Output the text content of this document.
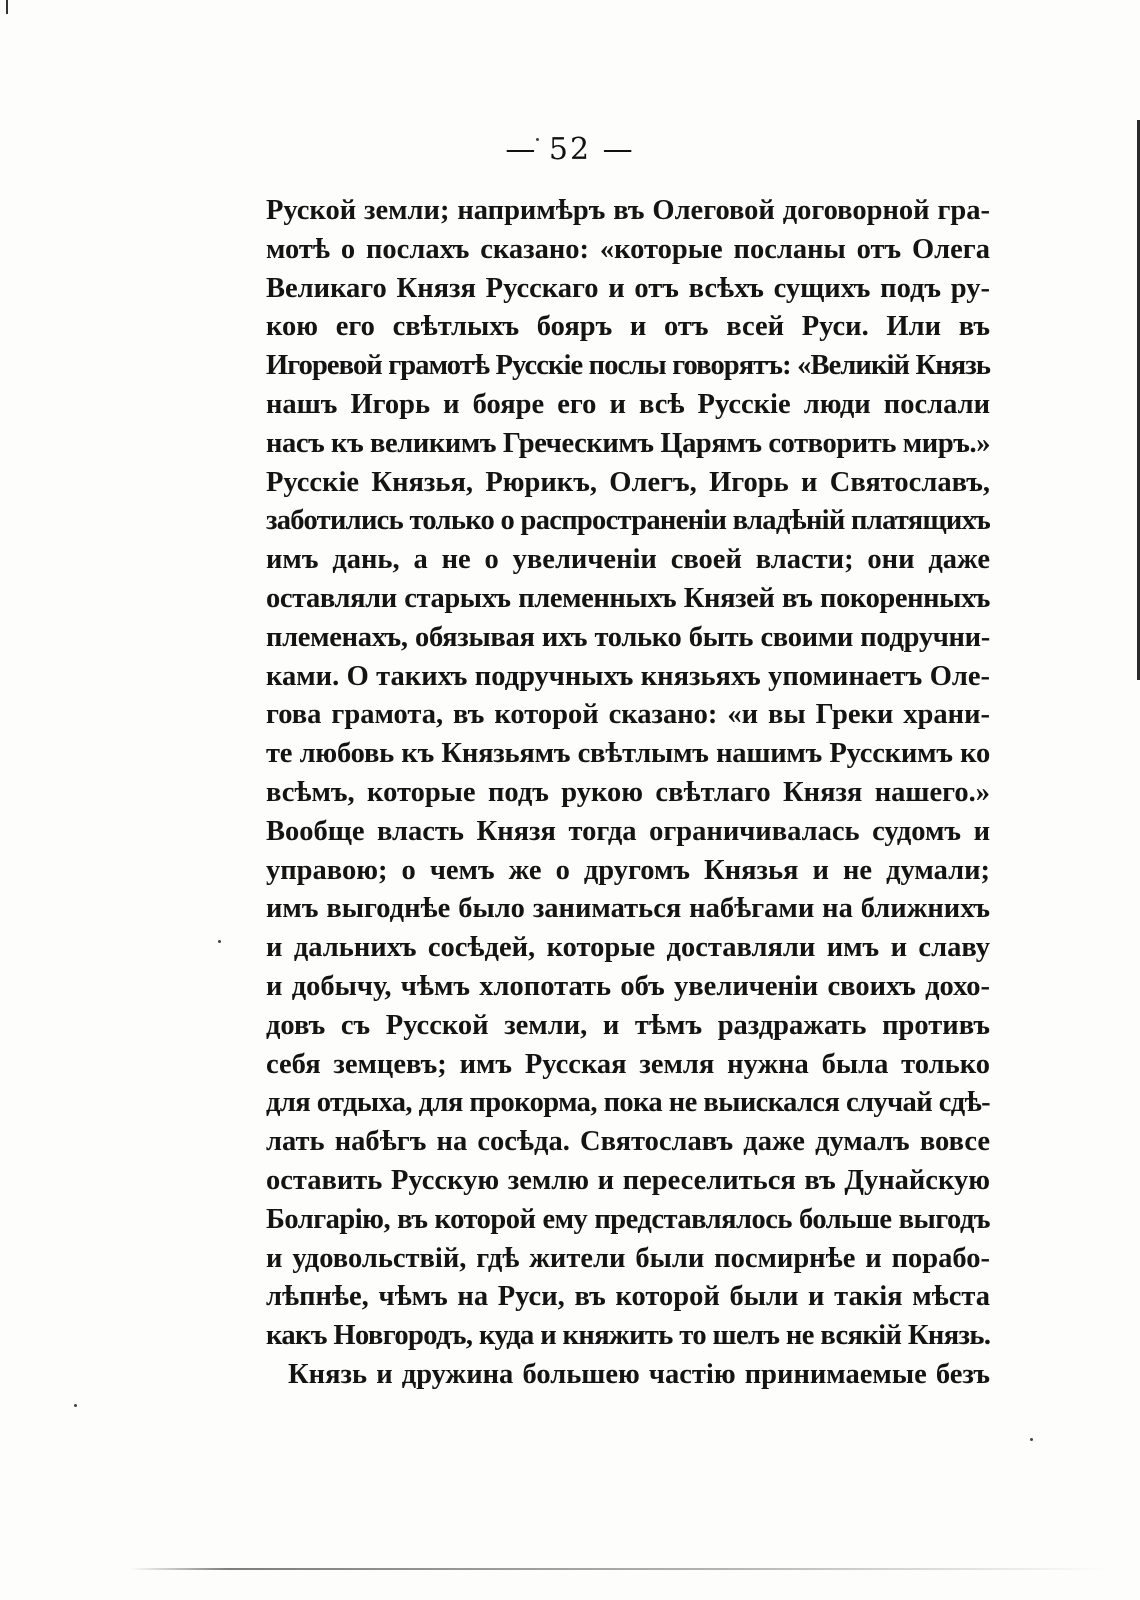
— 52 —
Руской земли; напримѣръ въ Олеговой договорной гра-
мотѣ о послахъ сказано: «которые посланы отъ Олега
Великаго Князя Русскаго и отъ всѣхъ сущихъ подъ ру-
кою его свѣтлыхъ бояръ и отъ всей Руси. Или въ
Игоревой грамотѣ Русскіе послы говорятъ: «Великій Князь
нашъ Игорь и бояре его и всѣ Русскіе люди послали
насъ къ великимъ Греческимъ Царямъ сотворить миръ.»
Русскіе Князья, Рюрикъ, Олегъ, Игорь и Святославъ,
заботились только о распространеніи владѣній платящихъ
имъ дань, а не о увеличеніи своей власти; они даже
оставляли старыхъ племенныхъ Князей въ покоренныхъ
племенахъ, обязывая ихъ только быть своими подручни-
ками. О такихъ подручныхъ князьяхъ упоминаетъ Оле-
гова грамота, въ которой сказано: «и вы Греки храни-
те любовь къ Князьямъ свѣтлымъ нашимъ Русскимъ ко
всѣмъ, которые подъ рукою свѣтлаго Князя нашего.»
Вообще власть Князя тогда ограничивалась судомъ и
управою; о чемъ же о другомъ Князья и не думали;
имъ выгоднѣе было заниматься набѣгами на ближнихъ
и дальнихъ сосѣдей, которые доставляли имъ и славу
и добычу, чѣмъ хлопотать объ увеличеніи своихъ дохо-
довъ съ Русской земли, и тѣмъ раздражать противъ
себя земцевъ; имъ Русская земля нужна была только
для отдыха, для прокорма, пока не выискался случай сдѣ-
лать набѣгъ на сосѣда. Святославъ даже думалъ вовсе
оставить Русскую землю и переселиться въ Дунайскую
Болгарію, въ которой ему представлялось больше выгодъ
и удовольствій, гдѣ жители были посмирнѣе и порабо-
лѣпнѣе, чѣмъ на Руси, въ которой были и такія мѣста
какъ Новгородъ, куда и княжить то шелъ не всякій Князь.
Князь и дружина большею частію принимаемые безъ
